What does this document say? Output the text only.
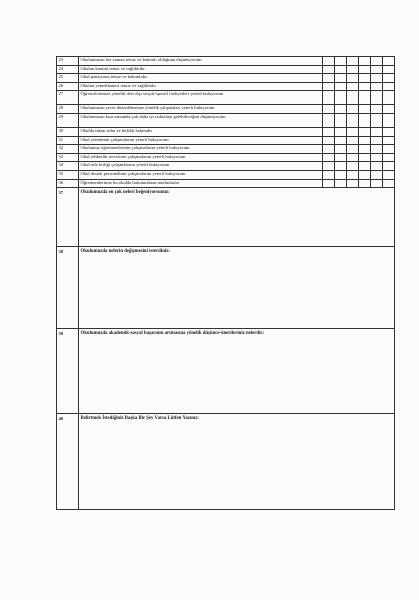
23	Okulumuzun her zaman temiz ve bakımlı olduğunu düşünüyorum						
24	Okulun kantini temiz ve sağlıklıdır.						
25	Okul pansiyonu temiz ve bakımlıdır.						
26	Okulun yemekhanesi temiz ve sağlıklıdır						
27	Öğrencilerimize yönelik ders dışı sosyal-sportif faaliyetleri yeterli buluyorum						
28	Okulumuzun çevre düzenlemesine yönelik çalışmaları yeterli buluyorum						
29	Okulumuzun kısa zamanda çok daha iyi noktalara gelebileceğini düşünüyorum						
30	Okulda takım ruhu ve birlikli hakimdir						
31	Okul yönetimin çalışmalarını yeterli buluyorum						
32	Okulumuz öğretmenlerinin çalışmalarını yeterli buluyorum						
33	Okul rehberlik servisinin çalışmalarını yeterli buluyorum						
34	Okul-aile birliği çalışmalarını yeterli buluyorum						
35	Okul destek personelinin çalışmalarını yeterli buluyorum						
36	Öğretmenlerimiz bu okulda bulunmaktan mutludurlar						
37	Okulumuzda en çok neleri beğeniyorsunuz:						

38	Okulumuzda nelerin değişmesini isterdiniz:						

39	Okulumuzda akademik-sosyal başarının artmasına yönelik düşünce-önerileriniz nelerdir:						

40	Belirtmek İstediğiniz Başka Bir Şey Varsa Lütfen Yazınız:						
